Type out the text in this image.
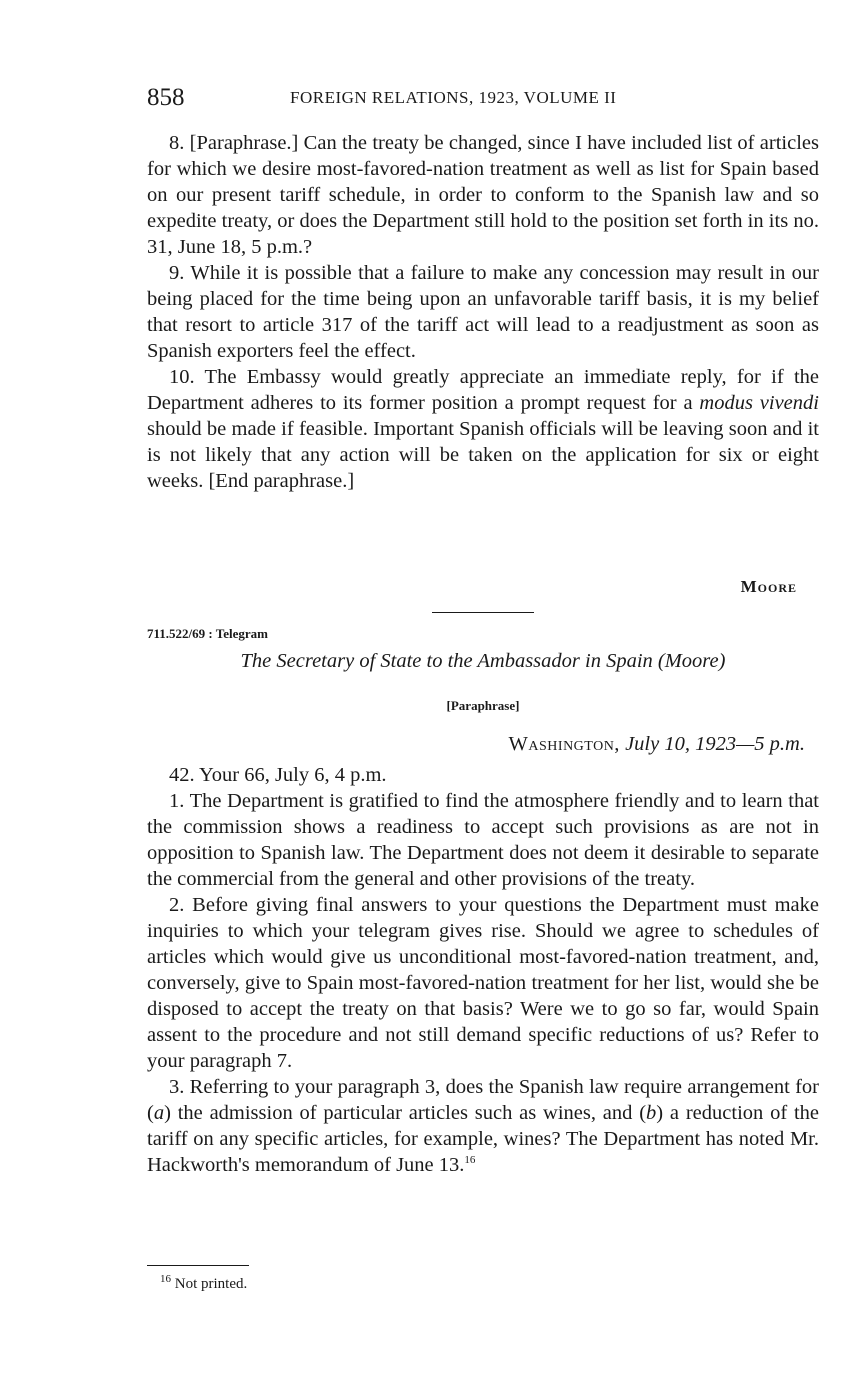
858	FOREIGN RELATIONS, 1923, VOLUME II

8. [Paraphrase.] Can the treaty be changed, since I have included list of articles for which we desire most-favored-nation treatment as well as list for Spain based on our present tariff schedule, in order to conform to the Spanish law and so expedite treaty, or does the Department still hold to the position set forth in its no. 31, June 18, 5 p.m.?

9. While it is possible that a failure to make any concession may result in our being placed for the time being upon an unfavorable tariff basis, it is my belief that resort to article 317 of the tariff act will lead to a readjustment as soon as Spanish exporters feel the effect.

10. The Embassy would greatly appreciate an immediate reply, for if the Department adheres to its former position a prompt request for a modus vivendi should be made if feasible. Important Spanish officials will be leaving soon and it is not likely that any action will be taken on the application for six or eight weeks. [End paraphrase.]

Moore
711.522/69 : Telegram
The Secretary of State to the Ambassador in Spain (Moore)
[Paraphrase]
Washington, July 10, 1923—5 p.m.

42. Your 66, July 6, 4 p.m.

1. The Department is gratified to find the atmosphere friendly and to learn that the commission shows a readiness to accept such provisions as are not in opposition to Spanish law. The Department does not deem it desirable to separate the commercial from the general and other provisions of the treaty.

2. Before giving final answers to your questions the Department must make inquiries to which your telegram gives rise. Should we agree to schedules of articles which would give us unconditional most-favored-nation treatment, and, conversely, give to Spain most-favored-nation treatment for her list, would she be disposed to accept the treaty on that basis? Were we to go so far, would Spain assent to the procedure and not still demand specific reductions of us? Refer to your paragraph 7.

3. Referring to your paragraph 3, does the Spanish law require arrangement for (a) the admission of particular articles such as wines, and (b) a reduction of the tariff on any specific articles, for example, wines? The Department has noted Mr. Hackworth's memorandum of June 13.16

$^{16}$ Not printed.
